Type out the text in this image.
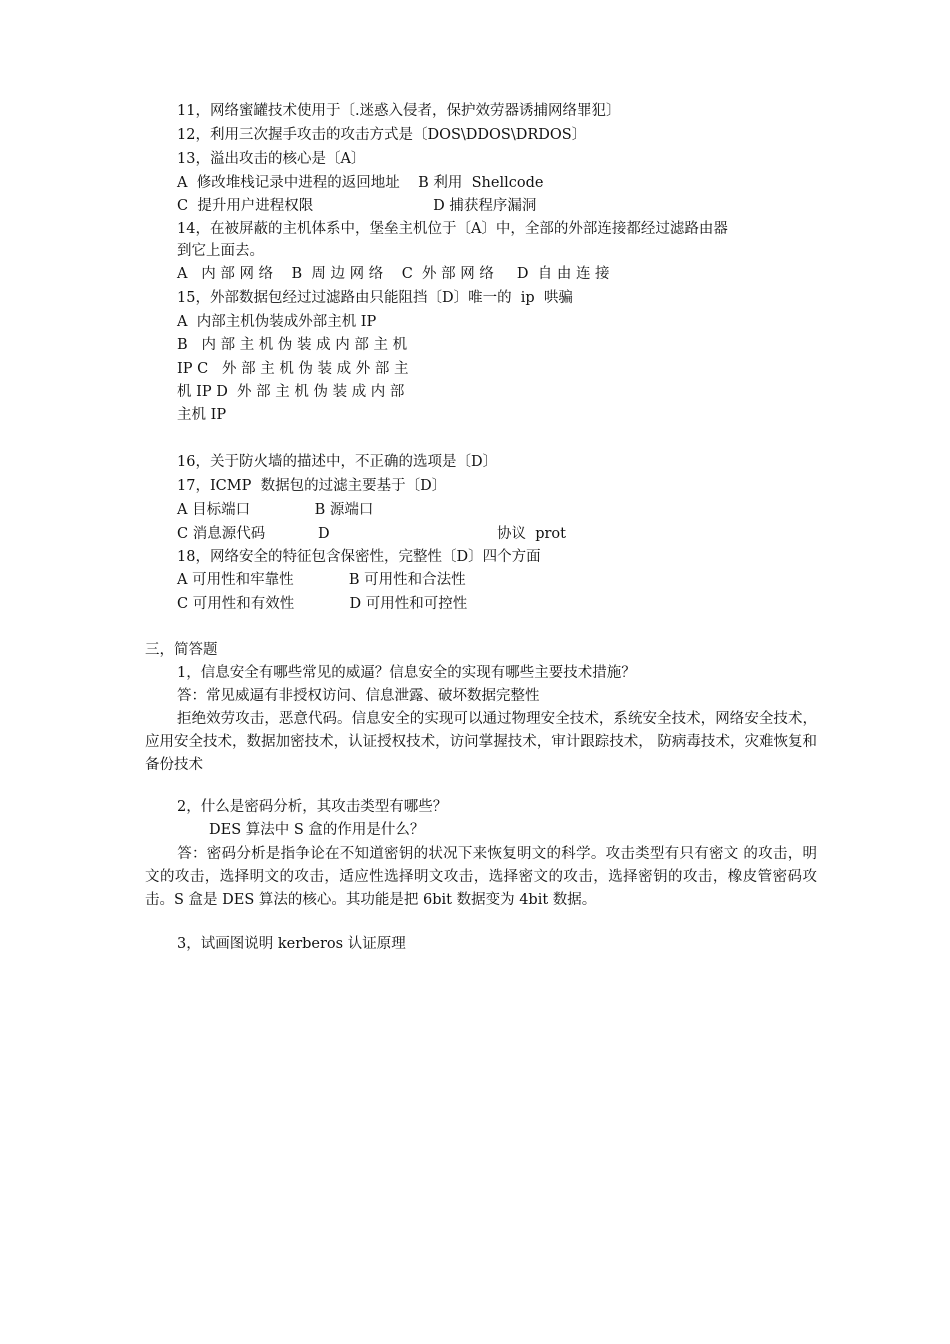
11，网络蜜罐技术使用于〔.迷惑入侵者，保护效劳器诱捕网络罪犯〕
12，利用三次握手攻击的攻击方式是〔DOS\DDOS\DRDOS〕
13，溢出攻击的核心是〔A〕
A  修改堆栈记录中进程的返回地址    B 利用  Shellcode
C  提升用户进程权限                          D 捕获程序漏洞
14，在被屏蔽的主机体系中，堡垒主机位于〔A〕中，全部的外部连接都经过滤路由器
到它上面去。
A   内 部 网 络    B  周 边 网 络    C  外 部 网 络     D  自 由 连 接
15，外部数据包经过过滤路由只能阻挡〔D〕唯一的  ip  哄骗
A  内部主机伪装成外部主机 IP
B   内 部 主 机 伪 装 成 内 部 主 机
IP C   外 部 主 机 伪 装 成 外 部 主
机 IP D  外 部 主 机 伪 装 成 内 部
主机 IP
16，关于防火墙的描述中，不正确的选项是〔D〕
17，ICMP  数据包的过滤主要基于〔D〕
A 目标端口              B 源端口
C 消息源代码	D	协议  prot
18，网络安全的特征包含保密性，完整性〔D〕四个方面
A 可用性和牢靠性            B 可用性和合法性
C 可用性和有效性            D 可用性和可控性
三，简答题
1，信息安全有哪些常见的威逼？信息安全的实现有哪些主要技术措施？
答：常见威逼有非授权访问、信息泄露、破坏数据完整性
拒绝效劳攻击，恶意代码。信息安全的实现可以通过物理安全技术，系统安全技术，网络安全技术，应用安全技术，数据加密技术，认证授权技术，访问掌握技术，审计跟踪技术， 防病毒技术，灾难恢复和备份技术
2，什么是密码分析，其攻击类型有哪些？
DES 算法中 S 盒的作用是什么？
答：密码分析是指争论在不知道密钥的状况下来恢复明文的科学。攻击类型有只有密文 的攻击，明文的攻击，选择明文的攻击，适应性选择明文攻击，选择密文的攻击，选择密钥的攻击，橡皮管密码攻击。S 盒是 DES 算法的核心。其功能是把 6bit 数据变为 4bit 数据。
3，试画图说明 kerberos 认证原理
